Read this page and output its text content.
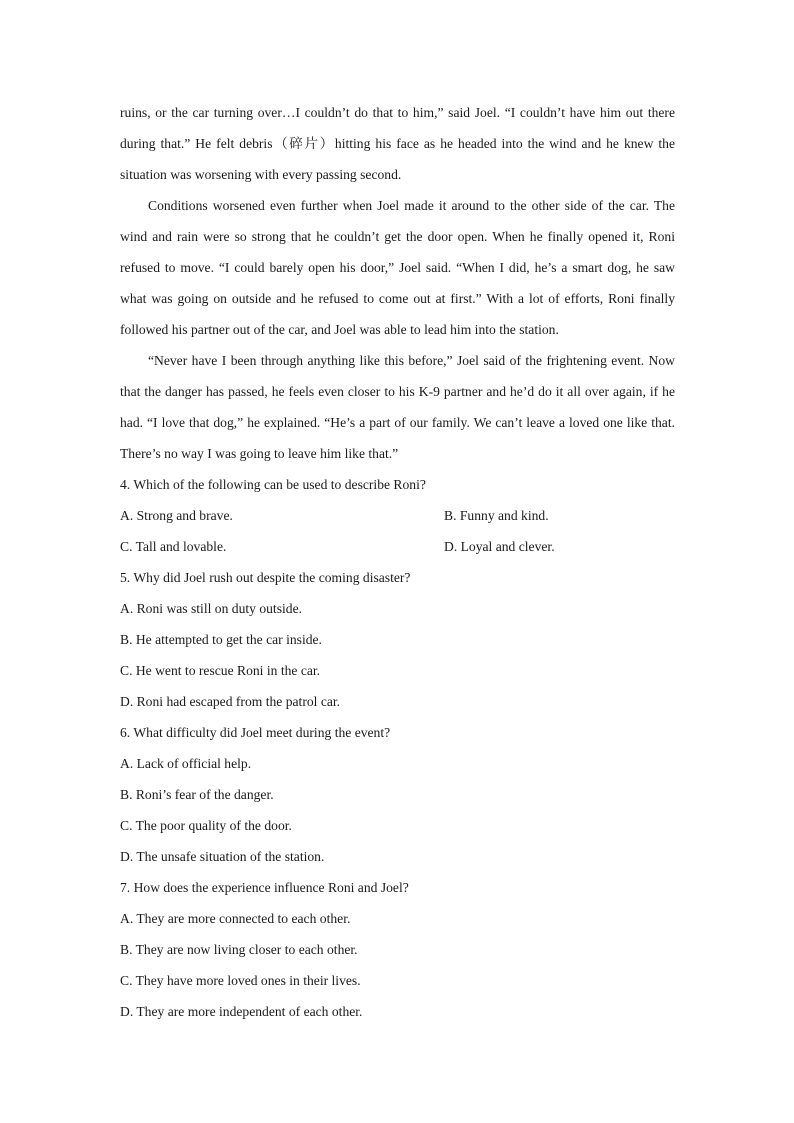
ruins, or the car turning over…I couldn’t do that to him,” said Joel. “I couldn’t have him out there during that.” He felt debris（碎片）hitting his face as he headed into the wind and he knew the situation was worsening with every passing second.

Conditions worsened even further when Joel made it around to the other side of the car. The wind and rain were so strong that he couldn’t get the door open. When he finally opened it, Roni refused to move. “I could barely open his door,” Joel said. “When I did, he’s a smart dog, he saw what was going on outside and he refused to come out at first.” With a lot of efforts, Roni finally followed his partner out of the car, and Joel was able to lead him into the station.

“Never have I been through anything like this before,” Joel said of the frightening event. Now that the danger has passed, he feels even closer to his K-9 partner and he’d do it all over again, if he had. “I love that dog,” he explained. “He’s a part of our family. We can’t leave a loved one like that. There’s no way I was going to leave him like that.”

4. Which of the following can be used to describe Roni?

A. Strong and brave.	B. Funny and kind.
C. Tall and lovable.	D. Loyal and clever.

5. Why did Joel rush out despite the coming disaster?

A. Roni was still on duty outside.

B. He attempted to get the car inside.

C. He went to rescue Roni in the car.

D. Roni had escaped from the patrol car.

6. What difficulty did Joel meet during the event?

A. Lack of official help.

B. Roni’s fear of the danger.

C. The poor quality of the door.

D. The unsafe situation of the station.

7. How does the experience influence Roni and Joel?

A. They are more connected to each other.

B. They are now living closer to each other.

C. They have more loved ones in their lives.

D. They are more independent of each other.
